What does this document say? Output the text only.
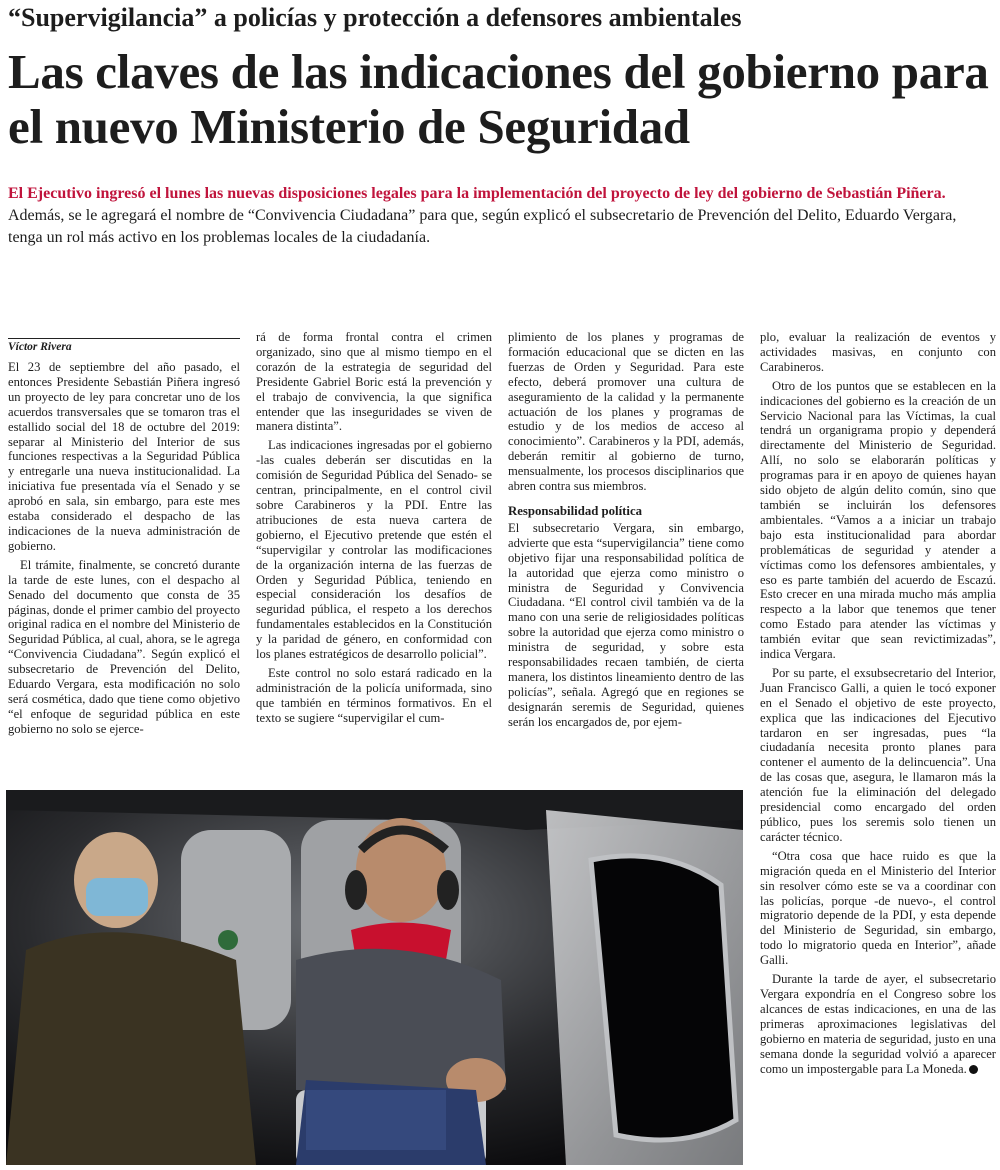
“Supervigilancia” a policías y protección a defensores ambientales
Las claves de las indicaciones del gobierno para el nuevo Ministerio de Seguridad
El Ejecutivo ingresó el lunes las nuevas disposiciones legales para la implementación del proyecto de ley del gobierno de Sebastián Piñera. Además, se le agregará el nombre de “Convivencia Ciudadana” para que, según explicó el subsecretario de Prevención del Delito, Eduardo Vergara, tenga un rol más activo en los problemas locales de la ciudadanía.
Víctor Rivera

El 23 de septiembre del año pasado, el entonces Presidente Sebastián Piñera ingresó un proyecto de ley para concretar uno de los acuerdos transversales que se tomaron tras el estallido social del 18 de octubre del 2019: separar al Ministerio del Interior de sus funciones respectivas a la Seguridad Pública y entregarle una nueva institucionalidad. La iniciativa fue presentada vía el Senado y se aprobó en sala, sin embargo, para este mes estaba considerado el despacho de las indicaciones de la nueva administración de gobierno.

El trámite, finalmente, se concretó durante la tarde de este lunes, con el despacho al Senado del documento que consta de 35 páginas, donde el primer cambio del proyecto original radica en el nombre del Ministerio de Seguridad Pública, al cual, ahora, se le agrega “Convivencia Ciudadana”. Según explicó el subsecretario de Prevención del Delito, Eduardo Vergara, esta modificación no solo será cosmética, dado que tiene como objetivo “el enfoque de seguridad pública en este gobierno no solo se ejerce-

rá de forma frontal contra el crimen organizado, sino que al mismo tiempo en el corazón de la estrategia de seguridad del Presidente Gabriel Boric está la prevención y el trabajo de convivencia, la que significa entender que las inseguridades se viven de manera distinta”.

Las indicaciones ingresadas por el gobierno -las cuales deberán ser discutidas en la comisión de Seguridad Pública del Senado- se centran, principalmente, en el control civil sobre Carabineros y la PDI. Entre las atribuciones de esta nueva cartera de gobierno, el Ejecutivo pretende que estén el “supervigilar y controlar las modificaciones de la organización interna de las fuerzas de Orden y Seguridad Pública, teniendo en especial consideración los desafíos de seguridad pública, el respeto a los derechos fundamentales establecidos en la Constitución y la paridad de género, en conformidad con los planes estratégicos de desarrollo policial”.

Este control no solo estará radicado en la administración de la policía uniformada, sino que también en términos formativos. En el texto se sugiere “supervigilar el cum-

plimiento de los planes y programas de formación educacional que se dicten en las fuerzas de Orden y Seguridad. Para este efecto, deberá promover una cultura de aseguramiento de la calidad y la permanente actuación de los planes y programas de estudio y de los medios de acceso al conocimiento”. Carabineros y la PDI, además, deberán remitir al gobierno de turno, mensualmente, los procesos disciplinarios que abren contra sus miembros.

Responsabilidad política

El subsecretario Vergara, sin embargo, advierte que esta “supervigilancia” tiene como objetivo fijar una responsabilidad política de la autoridad que ejerza como ministro o ministra de Seguridad y Convivencia Ciudadana. “El control civil también va de la mano con una serie de religiosidades políticas sobre la autoridad que ejerza como ministro o ministra de seguridad, y sobre esta responsabilidades recaen también, de cierta manera, los distintos lineamiento dentro de las policías”, señala. Agregó que en regiones se designarán seremis de Seguridad, quienes serán los encargados de, por ejem-

plo, evaluar la realización de eventos y actividades masivas, en conjunto con Carabineros.

Otro de los puntos que se establecen en la indicaciones del gobierno es la creación de un Servicio Nacional para las Víctimas, la cual tendrá un organigrama propio y dependerá directamente del Ministerio de Seguridad. Allí, no solo se elaborarán políticas y programas para ir en apoyo de quienes hayan sido objeto de algún delito común, sino que también se incluirán los defensores ambientales. “Vamos a a iniciar un trabajo bajo esta institucionalidad para abordar problemáticas de seguridad y atender a víctimas como los defensores ambientales, y eso es parte también del acuerdo de Escazú. Esto crecer en una mirada mucho más amplia respecto a la labor que tenemos que tener como Estado para atender las víctimas y también evitar que sean revictimizadas”, indica Vergara.

Por su parte, el exsubsecretario del Interior, Juan Francisco Galli, a quien le tocó exponer en el Senado el objetivo de este proyecto, explica que las indicaciones del Ejecutivo tardaron en ser ingresadas, pues “la ciudadanía necesita pronto planes para contener el aumento de la delincuencia”. Una de las cosas que, asegura, le llamaron más la atención fue la eliminación del delegado presidencial como encargado del orden público, pues los seremis solo tienen un carácter técnico.

“Otra cosa que hace ruido es que la migración queda en el Ministerio del Interior sin resolver cómo este se va a coordinar con las policías, porque -de nuevo-, el control migratorio depende de la PDI, y esta depende del Ministerio de Seguridad, sin embargo, todo lo migratorio queda en Interior”, añade Galli.

Durante la tarde de ayer, el subsecretario Vergara expondría en el Congreso sobre los alcances de estas indicaciones, en una de las primeras aproximaciones legislativas del gobierno en materia de seguridad, justo en una semana donde la seguridad volvió a aparecer como un impostergable para La Moneda.
